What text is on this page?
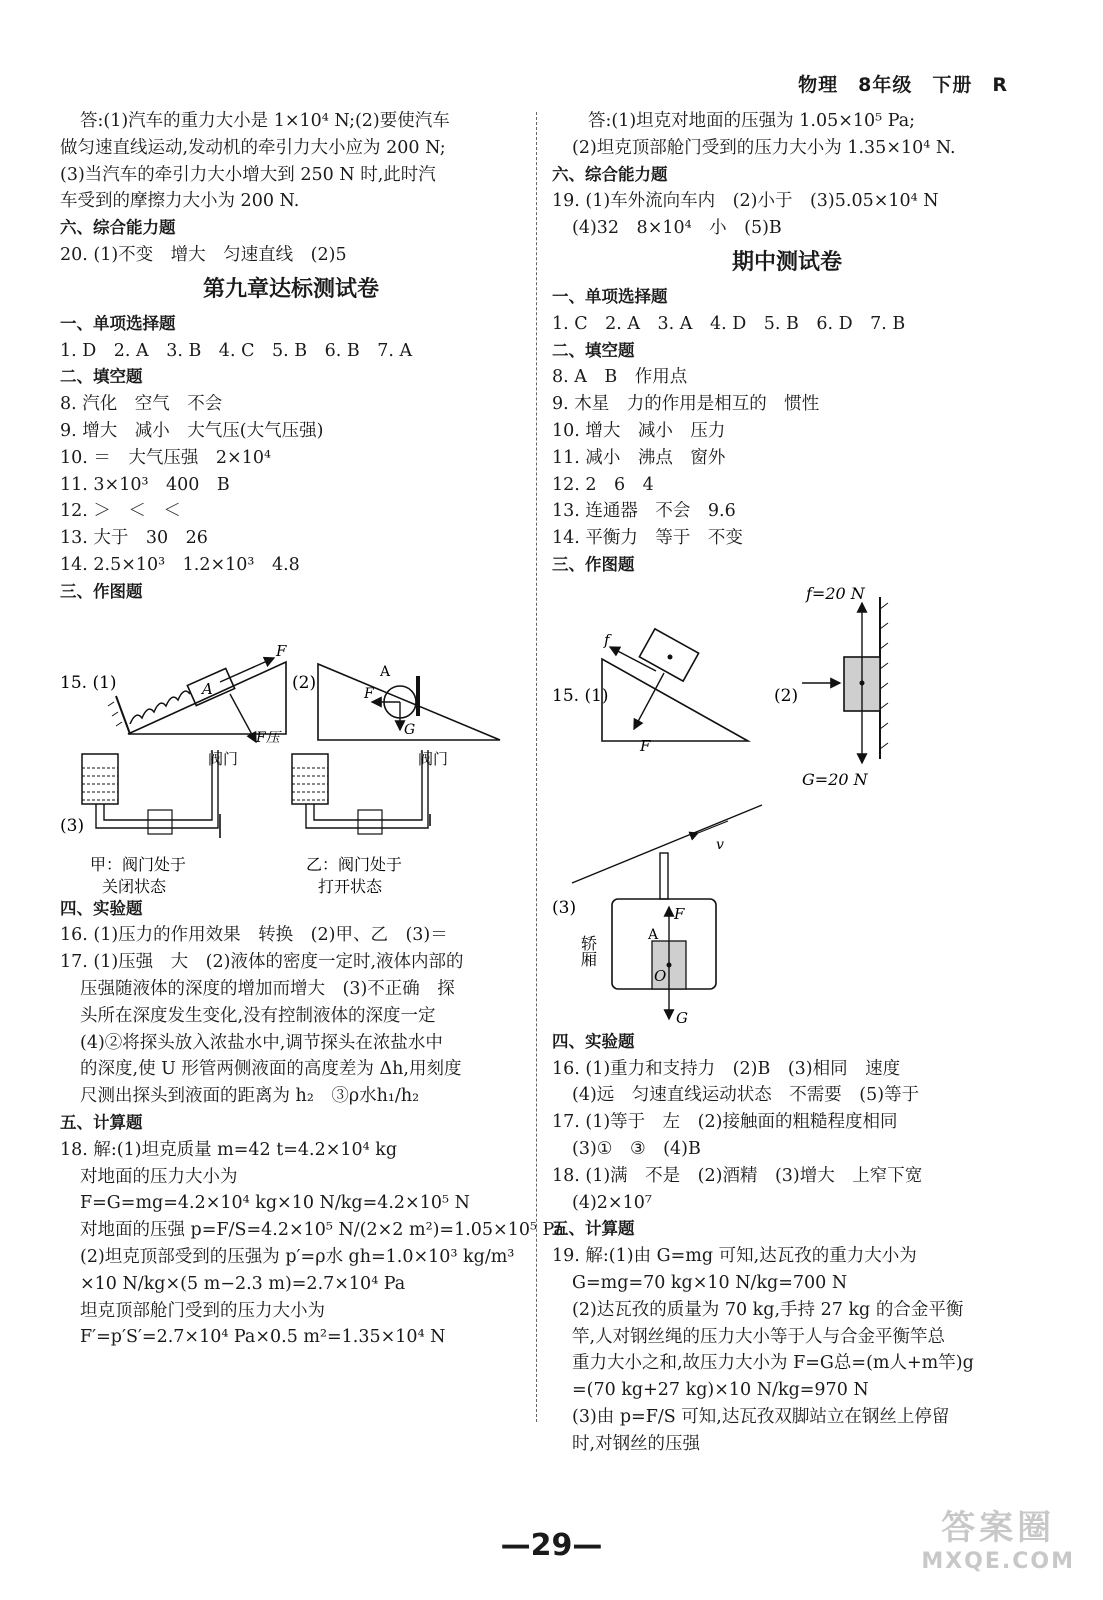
物理　8年级　下册　R
答:(1)汽车的重力大小是 1×10⁴ N;(2)要使汽车
做匀速直线运动,发动机的牵引力大小应为 200 N;
(3)当汽车的牵引力大小增大到 250 N 时,此时汽
车受到的摩擦力大小为 200 N.
六、综合能力题
20. (1)不变　增大　匀速直线　(2)5
第九章达标测试卷
一、单项选择题
1. D　2. A　3. B　4. C　5. B　6. B　7. A
二、填空题
8. 汽化　空气　不会
9. 增大　减小　大气压(大气压强)
10. ＝　大气压强　2×10⁴
11. 3×10³　400　B
12. ＞　＜　＜
13. 大于　30　26
14. 2.5×10³　1.2×10³　4.8
三、作图题
15. (1)	A
F
F压
(2)
A
F
G
(3)
阀门
甲：阀门处于
关闭状态
阀门
乙：阀门处于
打开状态
四、实验题
16. (1)压力的作用效果　转换　(2)甲、乙　(3)＝
17. (1)压强　大　(2)液体的密度一定时,液体内部的
压强随液体的深度的增加而增大　(3)不正确　探
头所在深度发生变化,没有控制液体的深度一定
(4)②将探头放入浓盐水中,调节探头在浓盐水中
的深度,使 U 形管两侧液面的高度差为 Δh,用刻度
尺测出探头到液面的距离为 h₂　③ρ水h₁/h₂
五、计算题
18. 解:(1)坦克质量 m=42 t=4.2×10⁴ kg
对地面的压力大小为
F=G=mg=4.2×10⁴ kg×10 N/kg=4.2×10⁵ N
对地面的压强 p=F/S=4.2×10⁵ N/(2×2 m²)=1.05×10⁵ Pa
(2)坦克顶部受到的压强为 p′=ρ水 gh=1.0×10³ kg/m³
×10 N/kg×(5 m−2.3 m)=2.7×10⁴ Pa
坦克顶部舱门受到的压力大小为
F′=p′S′=2.7×10⁴ Pa×0.5 m²=1.35×10⁴ N
答:(1)坦克对地面的压强为 1.05×10⁵ Pa;
(2)坦克顶部舱门受到的压力大小为 1.35×10⁴ N.
六、综合能力题
19. (1)车外流向车内　(2)小于　(3)5.05×10⁴ N
(4)32　8×10⁴　小　(5)B
期中测试卷
一、单项选择题
1. C　2. A　3. A　4. D　5. B　6. D　7. B
二、填空题
8. A　B　作用点
9. 木星　力的作用是相互的　惯性
10. 增大　减小　压力
11. 减小　沸点　窗外
12. 2　6　4
13. 连通器　不会　9.6
14. 平衡力　等于　不变
三、作图题
15. (1)
f
F
(2)
f=20 N
G=20 N
(3)
v
F
A
O
G
轿厢
四、实验题
16. (1)重力和支持力　(2)B　(3)相同　速度
(4)远　匀速直线运动状态　不需要　(5)等于
17. (1)等于　左　(2)接触面的粗糙程度相同
(3)①　③　(4)B
18. (1)满　不是　(2)酒精　(3)增大　上窄下宽
(4)2×10⁷
五、计算题
19. 解:(1)由 G=mg 可知,达瓦孜的重力大小为
G=mg=70 kg×10 N/kg=700 N
(2)达瓦孜的质量为 70 kg,手持 27 kg 的合金平衡
竿,人对钢丝绳的压力大小等于人与合金平衡竿总
重力大小之和,故压力大小为 F=G总=(m人+m竿)g
=(70 kg+27 kg)×10 N/kg=970 N
(3)由 p=F/S 可知,达瓦孜双脚站立在钢丝上停留
时,对钢丝的压强
—29—	答案圈
MXQE.COM
